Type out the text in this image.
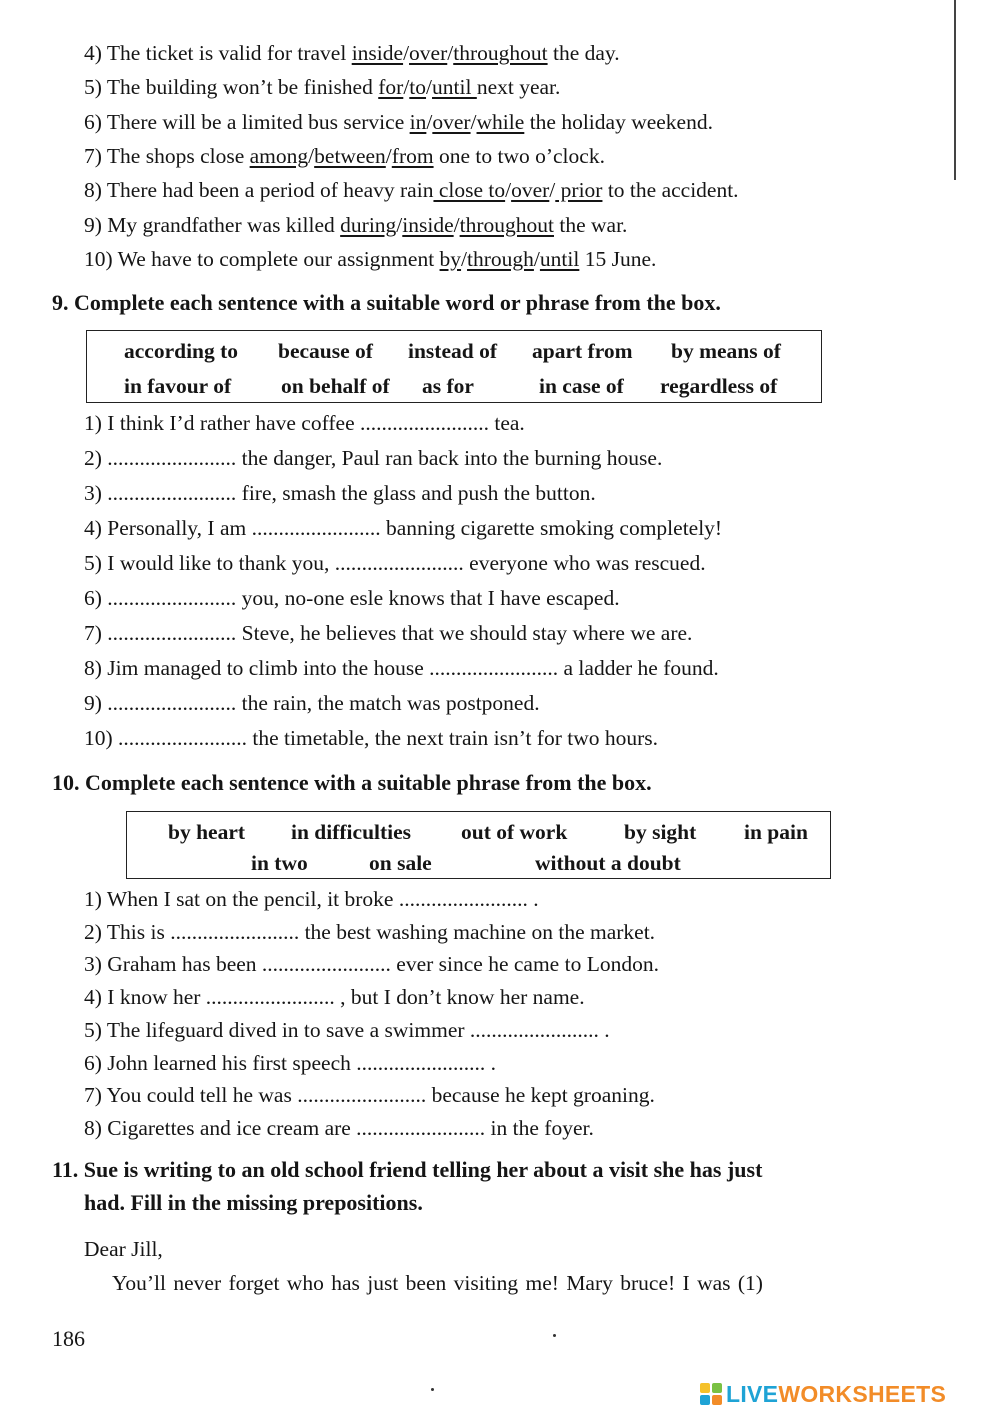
4) The ticket is valid for travel inside/over/throughout the day.
5) The building won’t be finished for/to/until next year.
6) There will be a limited bus service in/over/while the holiday weekend.
7) The shops close among/between/from one to two o’clock.
8) There had been a period of heavy rain close to/over/ prior to the accident.
9) My grandfather was killed during/inside/throughout the war.
10) We have to complete our assignment by/through/until 15 June.
9. Complete each sentence with a suitable word or phrase from the box.
according to because of instead of apart from by means of
in favour of on behalf of as for	in case of regardless of
1) I think I’d rather have coffee ........................ tea.
2) ........................ the danger, Paul ran back into the burning house.
3) ........................ fire, smash the glass and push the button.
4) Personally, I am ........................ banning cigarette smoking completely!
5) I would like to thank you, ........................ everyone who was rescued.
6) ........................ you, no-one esle knows that I have escaped.
7) ........................ Steve, he believes that we should stay where we are.
8) Jim managed to climb into the house ........................ a ladder he found.
9) ........................ the rain, the match was postponed.
10) ........................ the timetable, the next train isn’t for two hours.
10. Complete each sentence with a suitable phrase from the box.
by heart in difficulties out of work	by sight in pain
in two	on sale	without a doubt
1) When I sat on the pencil, it broke ........................ .
2) This is ........................ the best washing machine on the market.
3) Graham has been ........................ ever since he came to London.
4) I know her ........................ , but I don’t know her name.
5) The lifeguard dived in to save a swimmer ........................ .
6) John learned his first speech ........................ .
7) You could tell he was ........................ because he kept groaning.
8) Cigarettes and ice cream are ........................ in the foyer.
11. Sue is writing to an old school friend telling her about a visit she has just
had. Fill in the missing prepositions.
Dear Jill,
You’ll never forget who has just been visiting me! Mary bruce! I was (1)
186
LIVE WORKSHEETS
